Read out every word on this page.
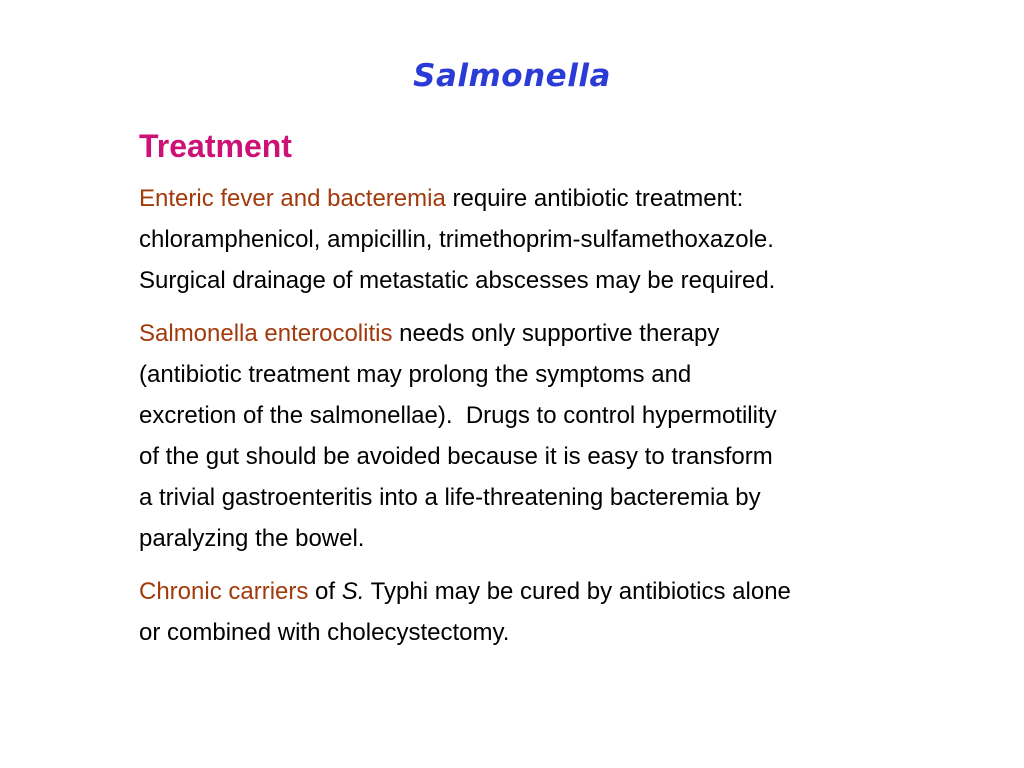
Salmonella
Treatment
Enteric fever and bacteremia require antibiotic treatment:
chloramphenicol, ampicillin, trimethoprim-sulfamethoxazole.
Surgical drainage of metastatic abscesses may be required.
Salmonella enterocolitis needs only supportive therapy
(antibiotic treatment may prolong the symptoms and
excretion of the salmonellae).  Drugs to control hypermotility
of the gut should be avoided because it is easy to transform
a trivial gastroenteritis into a life-threatening bacteremia by
paralyzing the bowel.
Chronic carriers of S. Typhi may be cured by antibiotics alone
or combined with cholecystectomy.
